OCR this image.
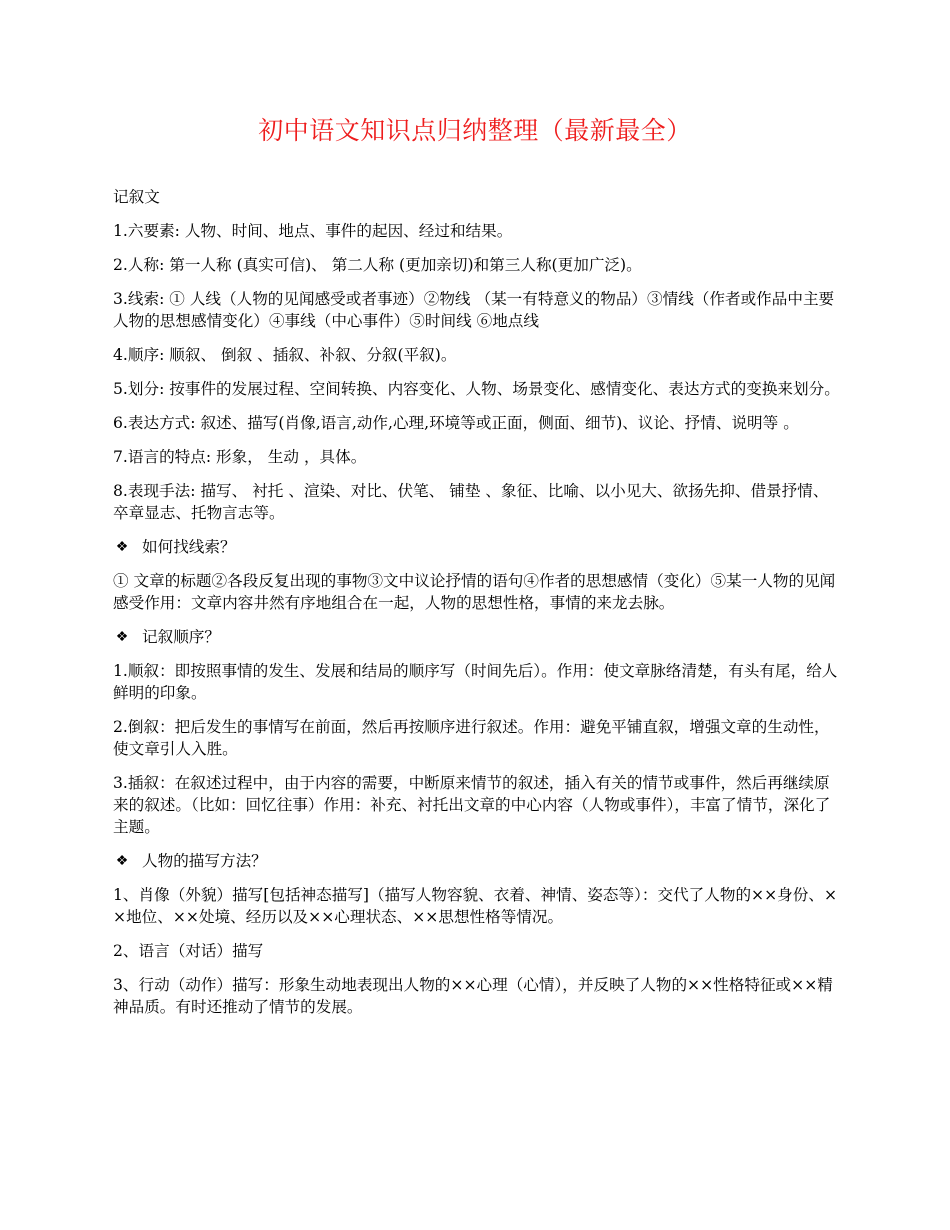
初中语文知识点归纳整理（最新最全）

记叙文

1.六要素: 人物、时间、地点、事件的起因、经过和结果。

2.人称: 第一人称 (真实可信)、 第二人称 (更加亲切)和第三人称(更加广泛)。

3.线索: ① 人线（人物的见闻感受或者事迹）②物线 （某一有特意义的物品）③情线（作者或作品中主要人物的思想感情变化）④事线（中心事件）⑤时间线 ⑥地点线

4.顺序: 顺叙、 倒叙 、插叙、补叙、分叙(平叙)。

5.划分: 按事件的发展过程、空间转换、内容变化、人物、场景变化、感情变化、表达方式的变换来划分。

6.表达方式: 叙述、描写(肖像,语言,动作,心理,环境等或正面，侧面、细节)、议论、抒情、说明等 。

7.语言的特点: 形象， 生动 ，具体。

8.表现手法: 描写、 衬托 、渲染、对比、伏笔、 铺垫 、象征、比喻、以小见大、欲扬先抑、借景抒情、卒章显志、托物言志等。

❖ 如何找线索？

① 文章的标题②各段反复出现的事物③文中议论抒情的语句④作者的思想感情（变化）⑤某一人物的见闻感受作用：文章内容井然有序地组合在一起，人物的思想性格，事情的来龙去脉。

❖ 记叙顺序？

1.顺叙：即按照事情的发生、发展和结局的顺序写（时间先后）。作用：使文章脉络清楚，有头有尾，给人鲜明的印象。

2.倒叙：把后发生的事情写在前面，然后再按顺序进行叙述。作用：避免平铺直叙，增强文章的生动性，使文章引人入胜。

3.插叙：在叙述过程中，由于内容的需要，中断原来情节的叙述，插入有关的情节或事件，然后再继续原来的叙述。（比如：回忆往事）作用：补充、衬托出文章的中心内容（人物或事件），丰富了情节，深化了主题。

❖ 人物的描写方法？

1、肖像（外貌）描写[包括神态描写]（描写人物容貌、衣着、神情、姿态等）：交代了人物的××身份、××地位、××处境、经历以及××心理状态、××思想性格等情况。

2、语言（对话）描写

3、行动（动作）描写：形象生动地表现出人物的××心理（心情），并反映了人物的××性格特征或××精神品质。有时还推动了情节的发展。
